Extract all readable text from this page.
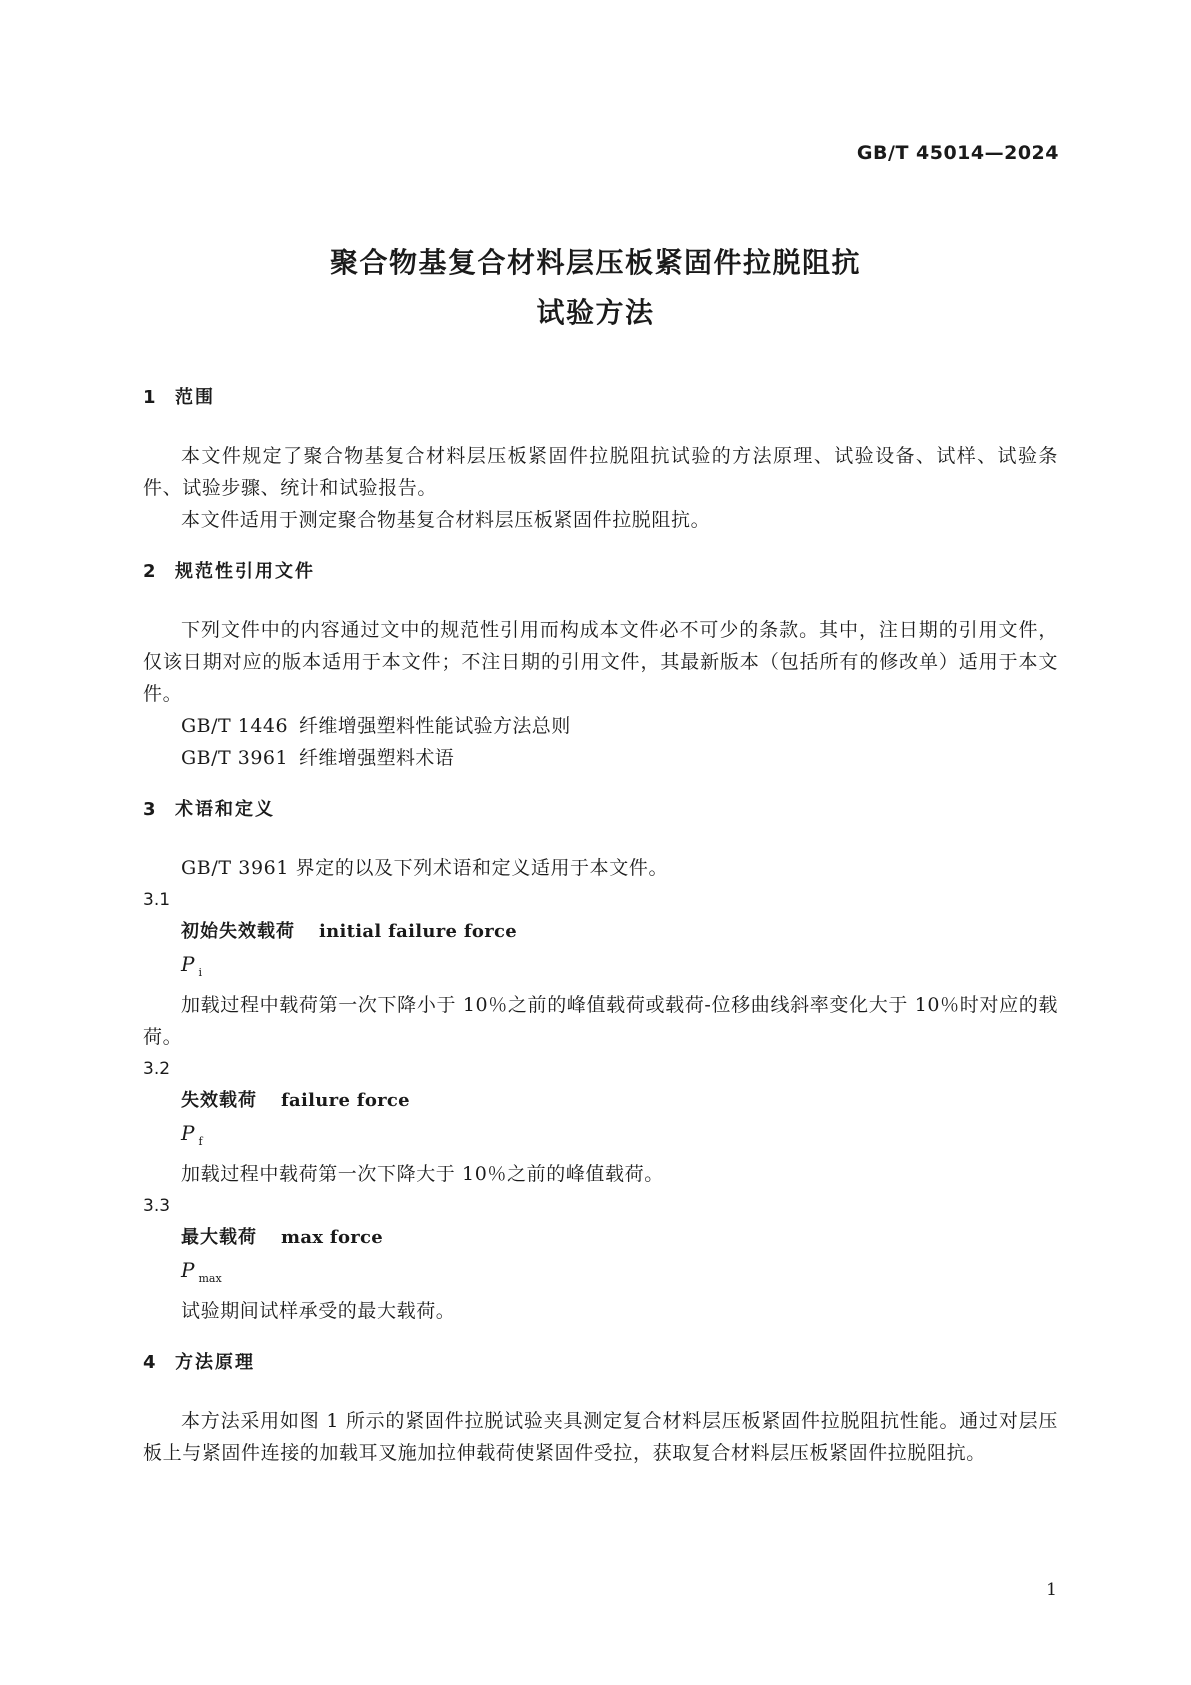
GB/T 45014—2024
聚合物基复合材料层压板紧固件拉脱阻抗
试验方法
1 范围
本文件规定了聚合物基复合材料层压板紧固件拉脱阻抗试验的方法原理、试验设备、试样、试验条件、试验步骤、统计和试验报告。
本文件适用于测定聚合物基复合材料层压板紧固件拉脱阻抗。
2 规范性引用文件
下列文件中的内容通过文中的规范性引用而构成本文件必不可少的条款。其中，注日期的引用文件，仅该日期对应的版本适用于本文件；不注日期的引用文件，其最新版本（包括所有的修改单）适用于本文件。
GB/T 1446 纤维增强塑料性能试验方法总则
GB/T 3961 纤维增强塑料术语
3 术语和定义
GB/T 3961 界定的以及下列术语和定义适用于本文件。
3.1
初始失效载荷 initial failure force
P $_i$
加载过程中载荷第一次下降小于 10％之前的峰值载荷或载荷-位移曲线斜率变化大于 10％时对应的载荷。
3.2
失效载荷 failure force
P $_f$
加载过程中载荷第一次下降大于 10％之前的峰值载荷。
3.3
最大载荷 max force
P $_{max}$
试验期间试样承受的最大载荷。
4 方法原理
本方法采用如图 1 所示的紧固件拉脱试验夹具测定复合材料层压板紧固件拉脱阻抗性能。通过对层压板上与紧固件连接的加载耳叉施加拉伸载荷使紧固件受拉，获取复合材料层压板紧固件拉脱阻抗。
1
